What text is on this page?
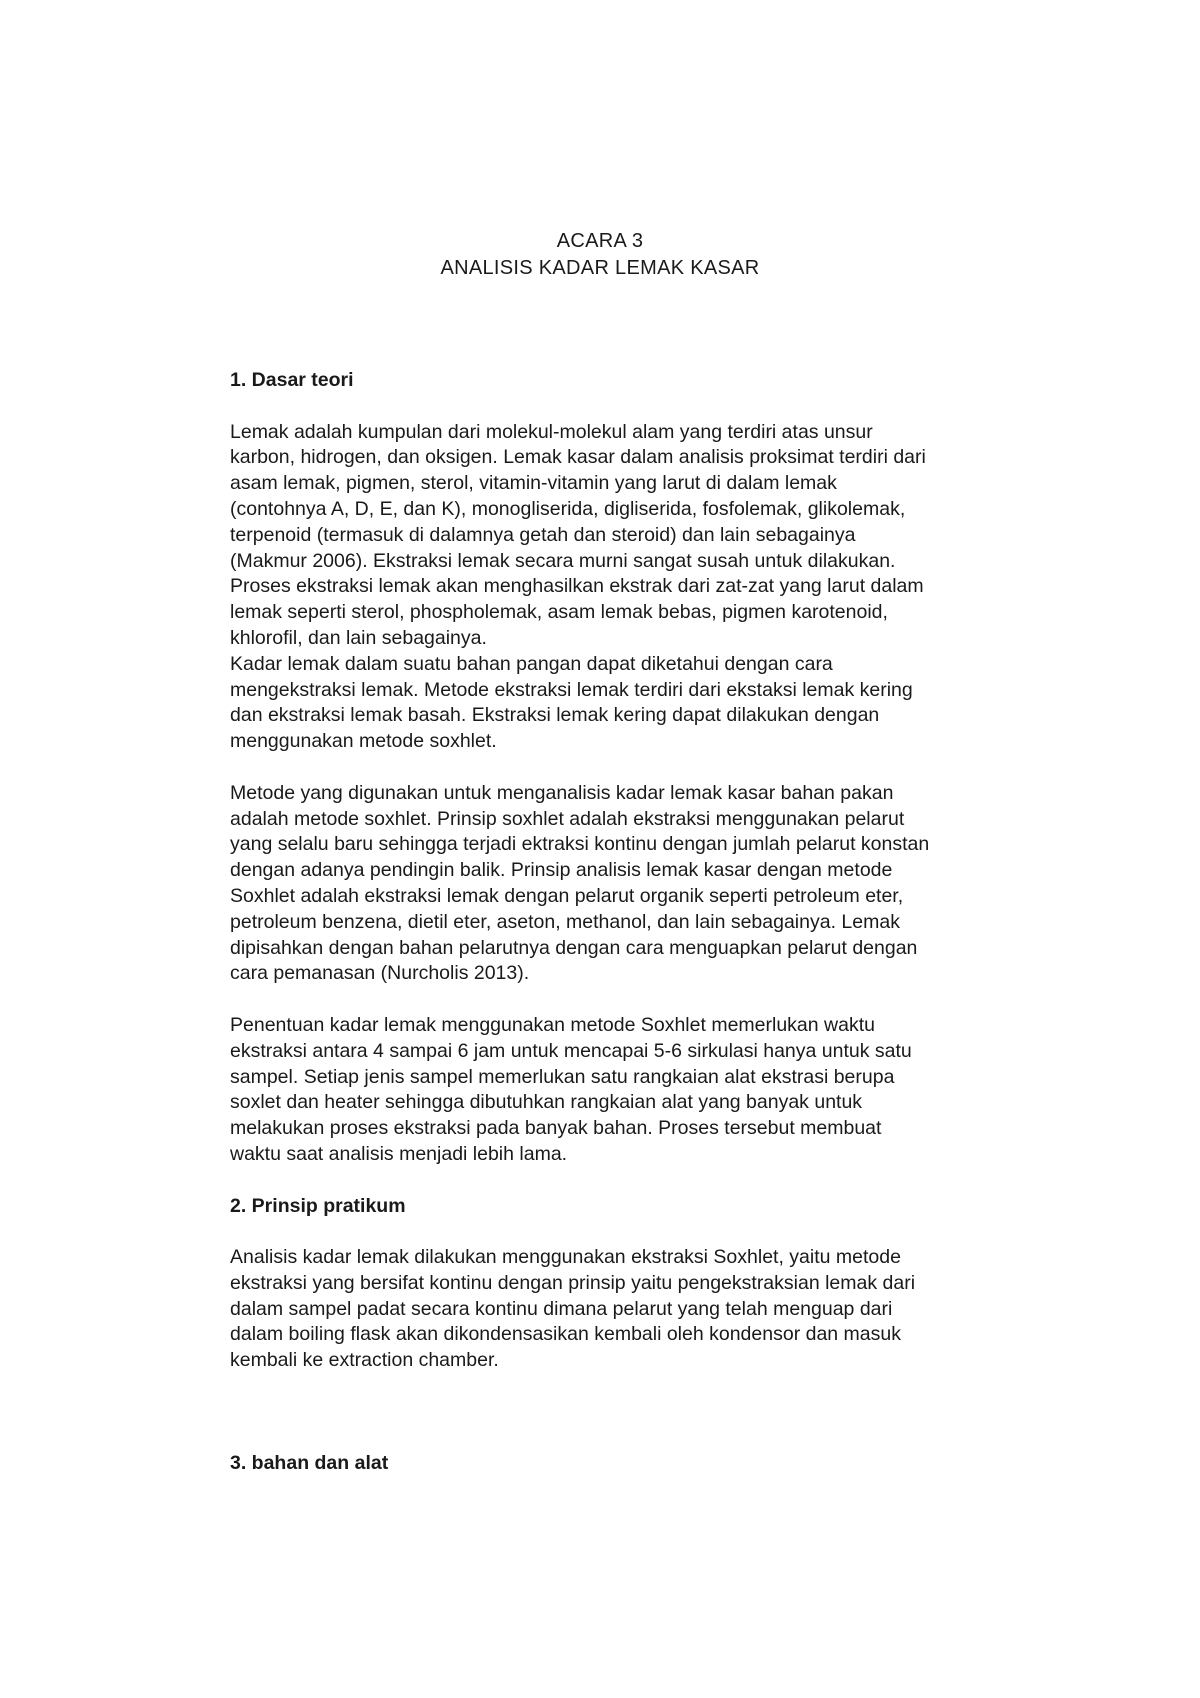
ACARA 3
ANALISIS KADAR LEMAK KASAR
1. Dasar teori
Lemak adalah kumpulan dari molekul-molekul alam yang terdiri atas unsur
karbon, hidrogen, dan oksigen. Lemak kasar dalam analisis proksimat terdiri dari
asam lemak, pigmen, sterol, vitamin-vitamin yang larut di dalam lemak
(contohnya A, D, E, dan K), monogliserida, digliserida, fosfolemak, glikolemak,
terpenoid (termasuk di dalamnya getah dan steroid) dan lain sebagainya
(Makmur 2006). Ekstraksi lemak secara murni sangat susah untuk dilakukan.
Proses ekstraksi lemak akan menghasilkan ekstrak dari zat-zat yang larut dalam
lemak seperti sterol, phospholemak, asam lemak bebas, pigmen karotenoid,
khlorofil, dan lain sebagainya.
Kadar lemak dalam suatu bahan pangan dapat diketahui dengan cara
mengekstraksi lemak. Metode ekstraksi lemak terdiri dari ekstaksi lemak kering
dan ekstraksi lemak basah. Ekstraksi lemak kering dapat dilakukan dengan
menggunakan metode soxhlet.
Metode yang digunakan untuk menganalisis kadar lemak kasar bahan pakan
adalah metode soxhlet. Prinsip soxhlet adalah ekstraksi menggunakan pelarut
yang selalu baru sehingga terjadi ektraksi kontinu dengan jumlah pelarut konstan
dengan adanya pendingin balik. Prinsip analisis lemak kasar dengan metode
Soxhlet adalah ekstraksi lemak dengan pelarut organik seperti petroleum eter,
petroleum benzena, dietil eter, aseton, methanol, dan lain sebagainya. Lemak
dipisahkan dengan bahan pelarutnya dengan cara menguapkan pelarut dengan
cara pemanasan (Nurcholis 2013).
Penentuan kadar lemak menggunakan metode Soxhlet memerlukan waktu
ekstraksi antara 4 sampai 6 jam untuk mencapai 5-6 sirkulasi hanya untuk satu
sampel. Setiap jenis sampel memerlukan satu rangkaian alat ekstrasi berupa
soxlet dan heater sehingga dibutuhkan rangkaian alat yang banyak untuk
melakukan proses ekstraksi pada banyak bahan. Proses tersebut membuat
waktu saat analisis menjadi lebih lama.
2. Prinsip pratikum
Analisis kadar lemak dilakukan menggunakan ekstraksi Soxhlet, yaitu metode
ekstraksi yang bersifat kontinu dengan prinsip yaitu pengekstraksian lemak dari
dalam sampel padat secara kontinu dimana pelarut yang telah menguap dari
dalam boiling flask akan dikondensasikan kembali oleh kondensor dan masuk
kembali ke extraction chamber.
3. bahan dan alat
